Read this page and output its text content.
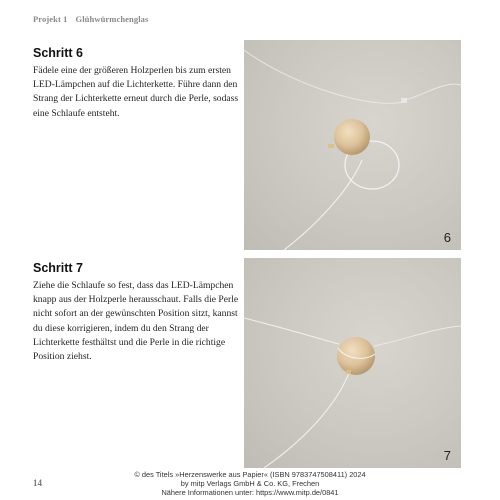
Projekt 1 Glühwürmchenglas
Schritt 6

Fädele eine der größeren Holzperlen bis zum ersten LED-Lämpchen auf die Lichterkette. Führe dann den Strang der Lichterkette erneut durch die Perle, sodass eine Schlaufe entsteht.

6
Schritt 7

Ziehe die Schlaufe so fest, dass das LED-Lämpchen knapp aus der Holzperle herausschaut. Falls die Perle nicht sofort an der gewünschten Position sitzt, kannst du diese korrigieren, indem du den Strang der Lichterkette festhältst und die Perle in die richtige Position ziehst.

7
14
© des Titels »Herzenswerke aus Papier« (ISBN 9783747508411) 2024
by mitp Verlags GmbH & Co. KG, Frechen
Nähere Informationen unter: https://www.mitp.de/0841
